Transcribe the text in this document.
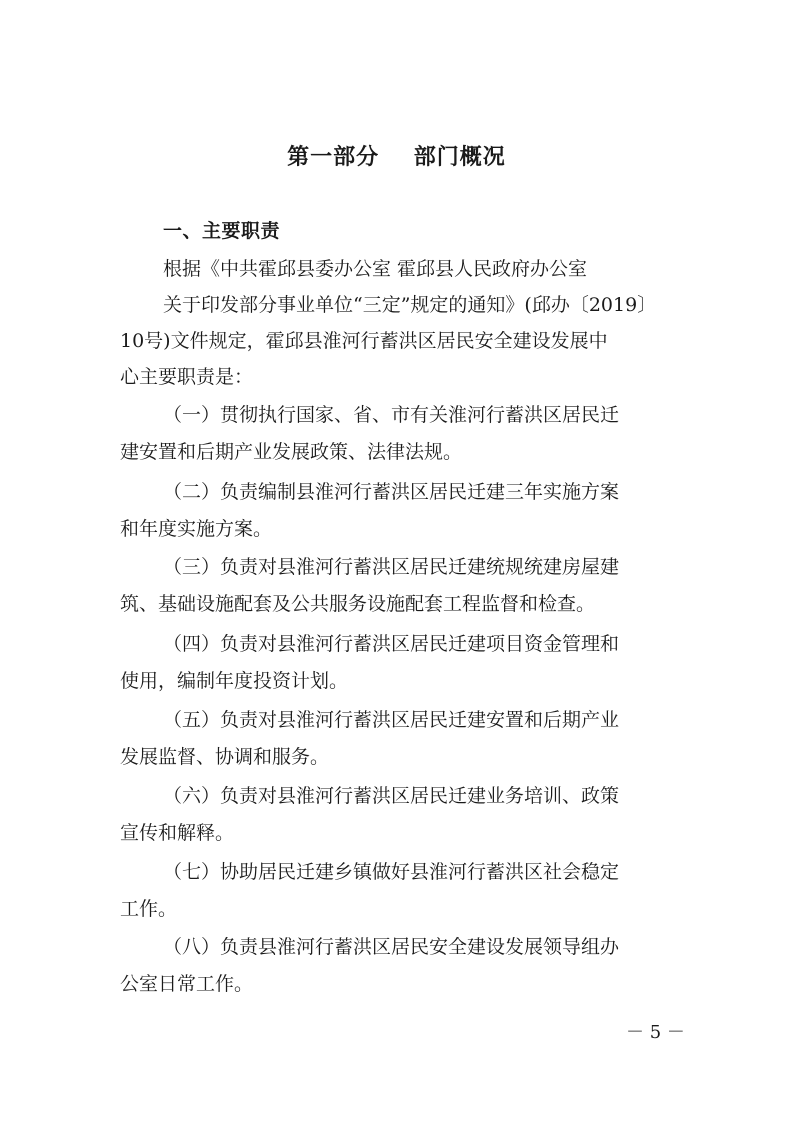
第一部分    部门概况
一、主要职责
根据《中共霍邱县委办公室 霍邱县人民政府办公室
关于印发部分事业单位“三定”规定的通知》(邱办〔2019〕
10号)文件规定，霍邱县淮河行蓄洪区居民安全建设发展中
心主要职责是：
（一）贯彻执行国家、省、市有关淮河行蓄洪区居民迁
建安置和后期产业发展政策、法律法规。
（二）负责编制县淮河行蓄洪区居民迁建三年实施方案
和年度实施方案。
（三）负责对县淮河行蓄洪区居民迁建统规统建房屋建
筑、基础设施配套及公共服务设施配套工程监督和检查。
（四）负责对县淮河行蓄洪区居民迁建项目资金管理和
使用，编制年度投资计划。
（五）负责对县淮河行蓄洪区居民迁建安置和后期产业
发展监督、协调和服务。
（六）负责对县淮河行蓄洪区居民迁建业务培训、政策
宣传和解释。
（七）协助居民迁建乡镇做好县淮河行蓄洪区社会稳定
工作。
（八）负责县淮河行蓄洪区居民安全建设发展领导组办
公室日常工作。
－ 5 －
